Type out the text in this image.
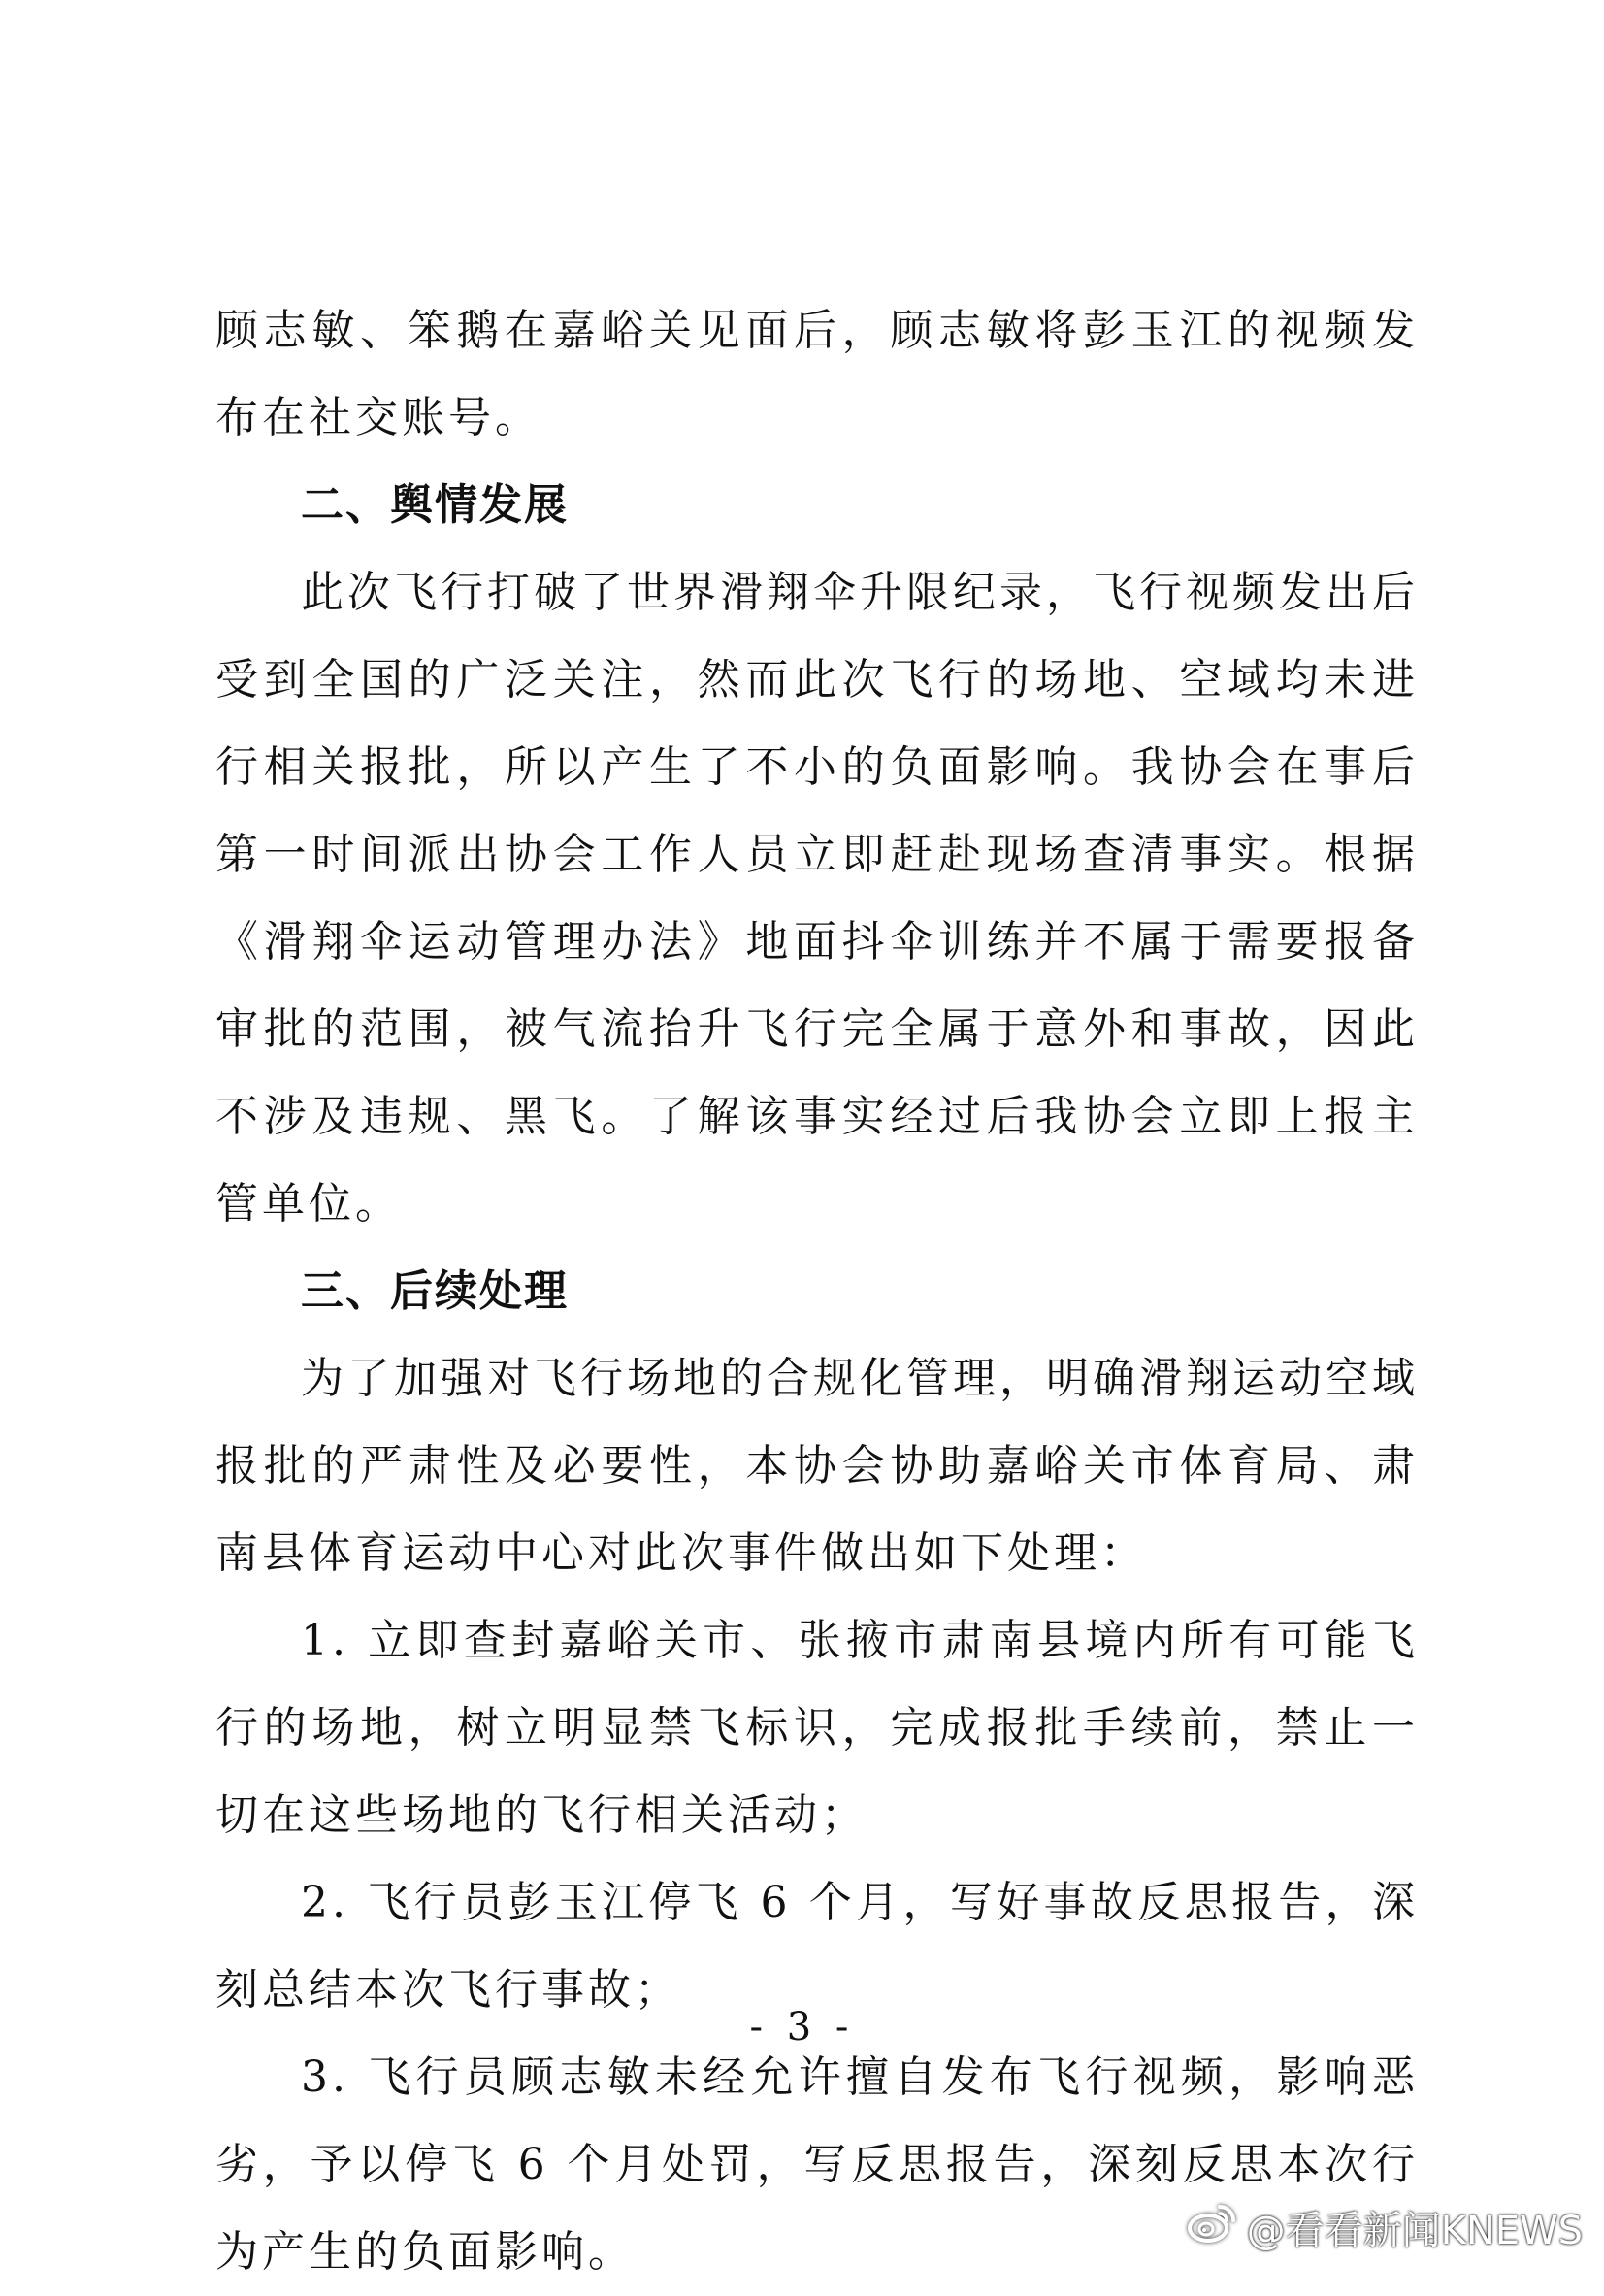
顾志敏、笨鹅在嘉峪关见面后，顾志敏将彭玉江的视频发布在社交账号。

二、舆情发展

此次飞行打破了世界滑翔伞升限纪录，飞行视频发出后受到全国的广泛关注，然而此次飞行的场地、空域均未进行相关报批，所以产生了不小的负面影响。我协会在事后第一时间派出协会工作人员立即赶赴现场查清事实。根据《滑翔伞运动管理办法》地面抖伞训练并不属于需要报备审批的范围，被气流抬升飞行完全属于意外和事故，因此不涉及违规、黑飞。了解该事实经过后我协会立即上报主管单位。

三、后续处理

为了加强对飞行场地的合规化管理，明确滑翔运动空域报批的严肃性及必要性，本协会协助嘉峪关市体育局、肃南县体育运动中心对此次事件做出如下处理：

1. 立即查封嘉峪关市、张掖市肃南县境内所有可能飞行的场地，树立明显禁飞标识，完成报批手续前，禁止一切在这些场地的飞行相关活动；

2. 飞行员彭玉江停飞 6 个月，写好事故反思报告，深刻总结本次飞行事故；

3. 飞行员顾志敏未经允许擅自发布飞行视频，影响恶劣，予以停飞 6 个月处罚，写反思报告，深刻反思本次行为产生的负面影响。

- 3 -
@看看新闻KNEWS
